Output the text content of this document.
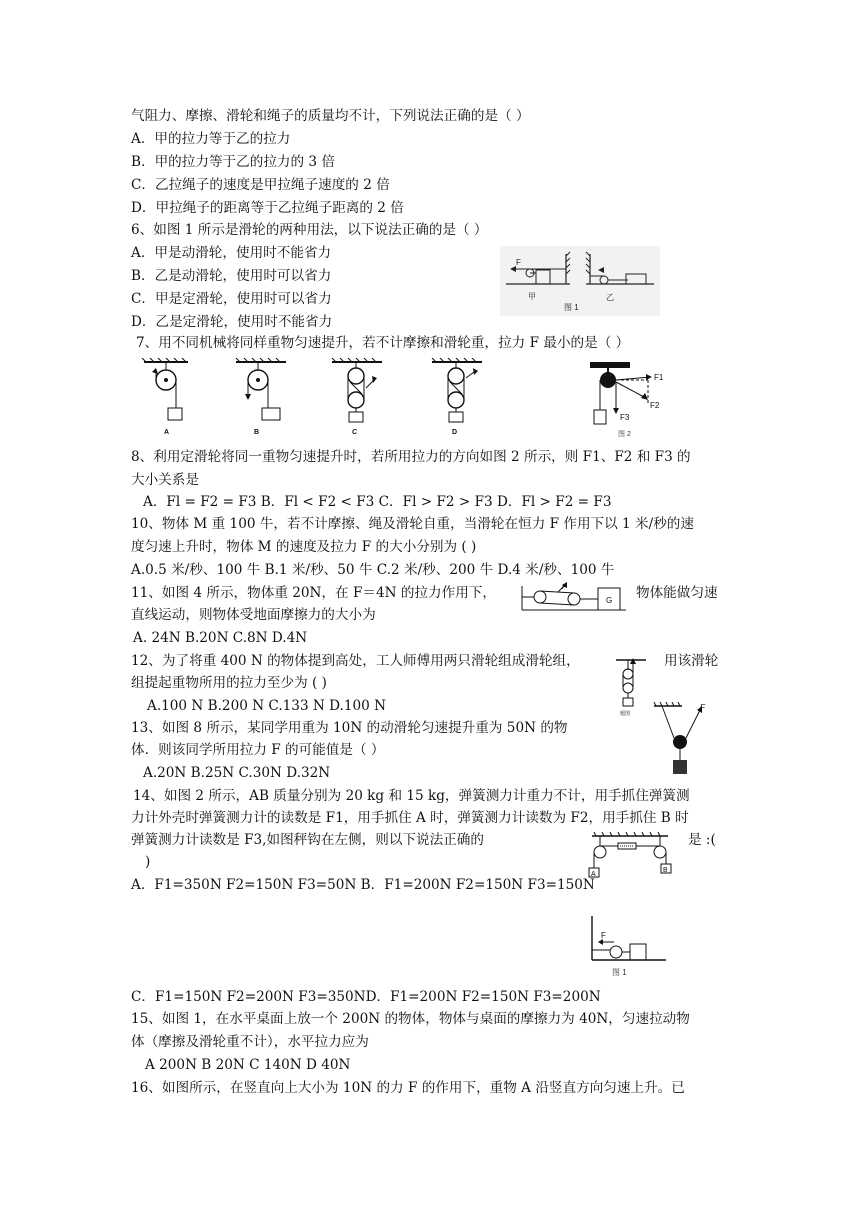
气阻力、摩擦、滑轮和绳子的质量均不计，下列说法正确的是（ ）
A．甲的拉力等于乙的拉力
B．甲的拉力等于乙的拉力的 3 倍
C．乙拉绳子的速度是甲拉绳子速度的 2 倍
D．甲拉绳子的距离等于乙拉绳子距离的 2 倍
6、如图 1 所示是滑轮的两种用法，以下说法正确的是（ ）
A．甲是动滑轮，使用时不能省力
B．乙是动滑轮，使用时可以省力
C．甲是定滑轮，使用时可以省力
D．乙是定滑轮，使用时不能省力
7、用不同机械将同样重物匀速提升，若不计摩擦和滑轮重，拉力 F 最小的是（ ）
8、利用定滑轮将同一重物匀速提升时，若所用拉力的方向如图 2 所示，则 F1、F2 和 F3 的
大小关系是
A．Fl = F2 = F3 B．Fl < F2 < F3 C．Fl > F2 > F3 D．Fl > F2 = F3
10、物体 M 重 100 牛，若不计摩擦、绳及滑轮自重，当滑轮在恒力 F 作用下以 1 米/秒的速
度匀速上升时，物体 M 的速度及拉力 F 的大小分别为 ( )
A.0.5 米/秒、100 牛 B.1 米/秒、50 牛 C.2 米/秒、200 牛 D.4 米/秒、100 牛
11、如图 4 所示，物体重 20N，在 F＝4N 的拉力作用下，	物体能做匀速
直线运动，则物体受地面摩擦力的大小为
A. 24N B.20N C.8N D.4N
12、为了将重 400 N 的物体提到高处，工人师傅用两只滑轮组成滑轮组，	用该滑轮
组提起重物所用的拉力至少为 ( )
A.100 N B.200 N C.133 N D.100 N
13、如图 8 所示，某同学用重为 10N 的动滑轮匀速提升重为 50N 的物
体．则该同学所用拉力 F 的可能值是（ ）
A.20N B.25N C.30N D.32N
14、如图 2 所示，AB 质量分别为 20 kg 和 15 kg，弹簧测力计重力不计，用手抓住弹簧测
力计外壳时弹簧测力计的读数是 F1，用手抓住 A 时，弹簧测力计读数为 F2，用手抓住 B 时
弹簧测力计读数是 F3,如图秤钩在左侧，则以下说法正确的	是 :(
)
A．F1=350N F2=150N F3=50N B．F1=200N F2=150N F3=150N
C．F1=150N F2=200N F3=350ND．F1=200N F2=150N F3=200N
15、如图 1，在水平桌面上放一个 200N 的物体，物体与桌面的摩擦力为 40N，匀速拉动物
体（摩擦及滑轮重不计），水平拉力应为
A 200N B 20N C 140N D 40N
16、如图所示，在竖直向上大小为 10N 的力 F 的作用下，重物 A 沿竖直方向匀速上升。已
F
甲	乙
图 1
A	B	C	D
F1
F2
F3
图 2
F
G
题图
F
A
B
F
图 1
